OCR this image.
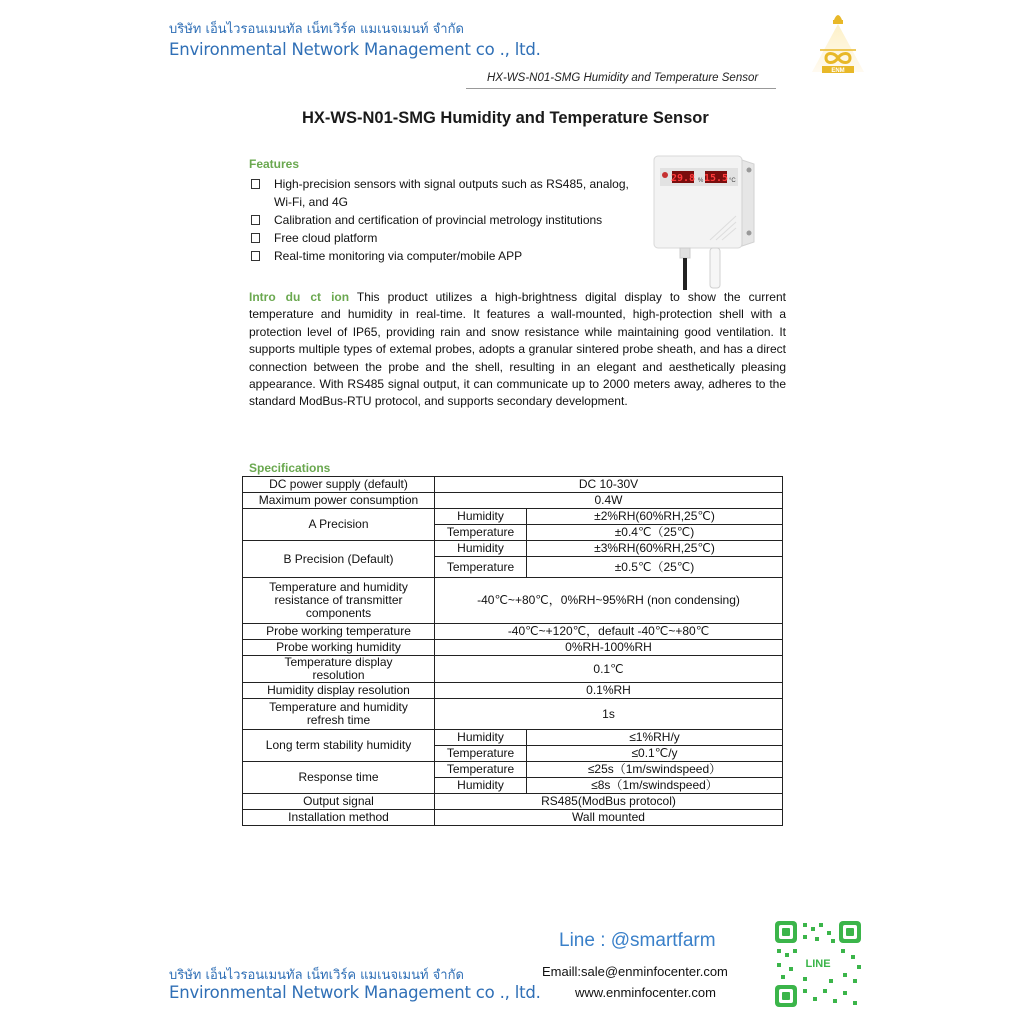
บริษัท เอ็นไวรอนเมนทัล เน็ทเวิร์ค แมเนจเมนท์ จำกัด
Environmental Network Management co ., ltd.
ENM
HX-WS-N01-SMG Humidity and Temperature Sensor
HX-WS-N01-SMG Humidity and Temperature Sensor
Features
High-precision sensors with signal outputs such as RS485, analog, Wi-Fi, and 4G
Calibration and certification of provincial metrology institutions
Free cloud platform
Real-time monitoring via computer/mobile APP
29.8 % 15.5 °C
Intro du ct ion This product utilizes a high-brightness digital display to show the current temperature and humidity in real-time. It features a wall-mounted, high-protection shell with a protection level of IP65, providing rain and snow resistance while maintaining good ventilation. It supports multiple types of extemal probes, adopts a granular sintered probe sheath, and has a direct connection between the probe and the shell, resulting in an elegant and aesthetically pleasing appearance. With RS485 signal output, it can communicate up to 2000 meters away, adheres to the standard ModBus-RTU protocol, and supports secondary development.
Specifications
DC power supply (default)	DC 10-30V	
Maximum power consumption	0.4W	
A Precision	Humidity	±2%RH(60%RH,25℃)
	Temperature	±0.4℃（25℃)
B Precision (Default)	Humidity	±3%RH(60%RH,25℃)
	Temperature	±0.5℃（25℃)
Temperature and humidity resistance of transmitter components	-40℃~+80℃，0%RH~95%RH (non condensing)	
Probe working temperature	-40℃~+120℃，default -40℃~+80℃	
Probe working humidity	0%RH-100%RH	
Temperature display resolution	0.1℃	
Humidity display resolution	0.1%RH	
Temperature and humidity refresh time	1s	
Long term stability humidity	Humidity	≤1%RH/y
	Temperature	≤0.1℃/y
Response time	Temperature	≤25s（1m/swindspeed）
	Humidity	≤8s（1m/swindspeed）
Output signal	RS485(ModBus protocol)	
Installation method	Wall mounted	
Line : @smartfarm
Emaill:sale@enminfocenter.com
www.enminfocenter.com
LINE
บริษัท เอ็นไวรอนเมนทัล เน็ทเวิร์ค แมเนจเมนท์ จำกัด
Environmental Network Management co ., ltd.
